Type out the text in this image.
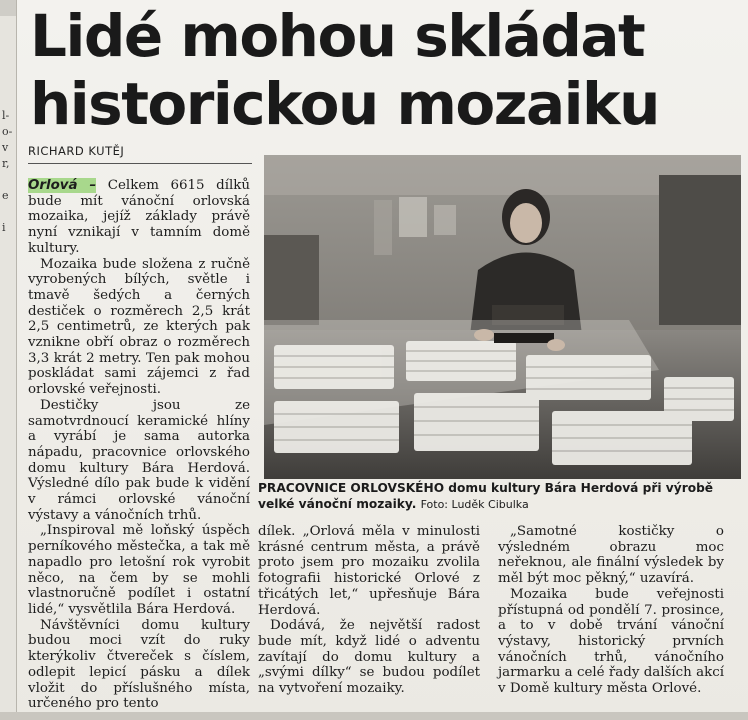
l-
o-
v
r,

e

i
Lidé mohou skládat
historickou mozaiku
RICHARD KUTĚJ

Orlová – Celkem 6615 dílků bude mít vánoční orlovská mozaika, jejíž základy právě nyní vznikají v tamním domě kultury.

Mozaika bude složena z ručně vyrobených bílých, světle i tmavě šedých a černých destiček o rozměrech 2,5 krát 2,5 centimetrů, ze kterých pak vznikne obří obraz o rozměrech 3,3 krát 2 metry. Ten pak mohou poskládat sami zájemci z řad orlovské veřejnosti.

Destičky jsou ze samotvrdnoucí keramické hlíny a vyrábí je sama autorka nápadu, pracovnice orlovského domu kultury Bára Herdová. Výsledné dílo pak bude k vidění v rámci orlovské vánoční výstavy a vánočních trhů.

„Inspiroval mě loňský úspěch perníkového městečka, a tak mě napadlo pro letošní rok vyrobit něco, na čem by se mohli vlastnoručně podílet i ostatní lidé,“ vysvětlila Bára Herdová.

Návštěvníci domu kultury budou moci vzít do ruky kterýkoliv čtvereček s číslem, odlepit lepicí pásku a dílek vložit do příslušného místa, určeného pro tento

PRACOVNICE ORLOVSKÉHO domu kultury Bára Herdová při výrobě velké vánoční mozaiky. Foto: Luděk Cibulka

dílek. „Orlová měla v minulosti krásné centrum města, a právě proto jsem pro mozaiku zvolila fotografii historické Orlové z třicátých let,“ upřesňuje Bára Herdová.

Dodává, že největší radost bude mít, když lidé o adventu zavítají do domu kultury a „svými dílky“ se budou podílet na vytvoření mozaiky.

„Samotné kostičky o výsledném obrazu moc neřeknou, ale finální výsledek by měl být moc pěkný,“ uzavírá.

Mozaika bude veřejnosti přístupná od pondělí 7. prosince, a to v době trvání vánoční výstavy, historický prvních vánočních trhů, vánočního jarmarku a celé řady dalších akcí v Domě kultury města Orlové.
